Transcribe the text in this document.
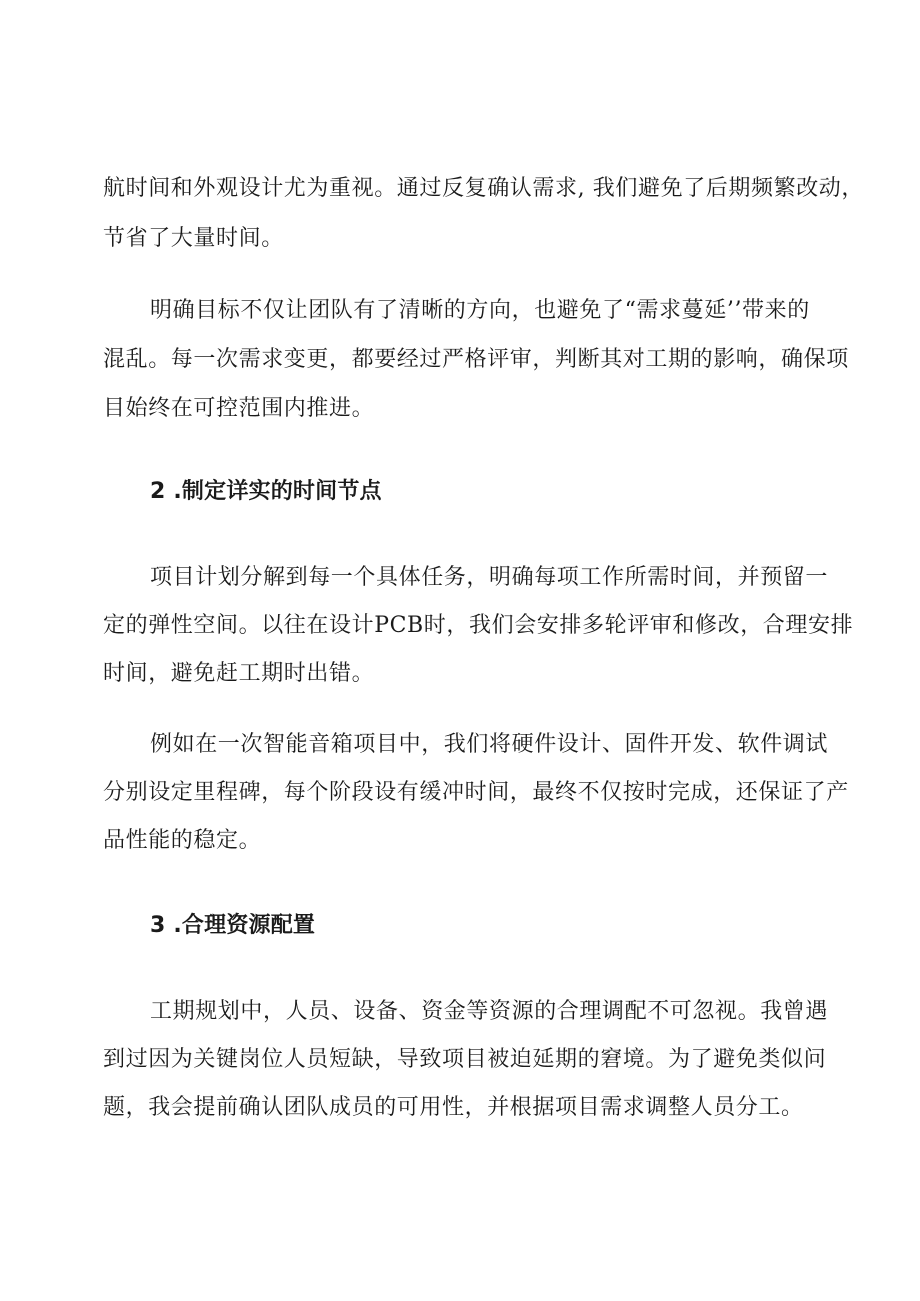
航时间和外观设计尤为重视。通过反复确认需求, 我们避免了后期频繁改动，
节省了大量时间。
明确目标不仅让团队有了清晰的方向，也避免了“需求蔓延’’带来的
混乱。每一次需求变更，都要经过严格评审，判断其对工期的影响，确保项
目始终在可控范围内推进。
2 .制定详实的时间节点
项目计划分解到每一个具体任务，明确每项工作所需时间，并预留一
定的弹性空间。以往在设计PCB时，我们会安排多轮评审和修改，合理安排
时间，避免赶工期时出错。
例如在一次智能音箱项目中，我们将硬件设计、固件开发、软件调试
分别设定里程碑，每个阶段设有缓冲时间，最终不仅按时完成，还保证了产
品性能的稳定。
3 .合理资源配置
工期规划中，人员、设备、资金等资源的合理调配不可忽视。我曾遇
到过因为关键岗位人员短缺，导致项目被迫延期的窘境。为了避免类似问
题，我会提前确认团队成员的可用性，并根据项目需求调整人员分工。
